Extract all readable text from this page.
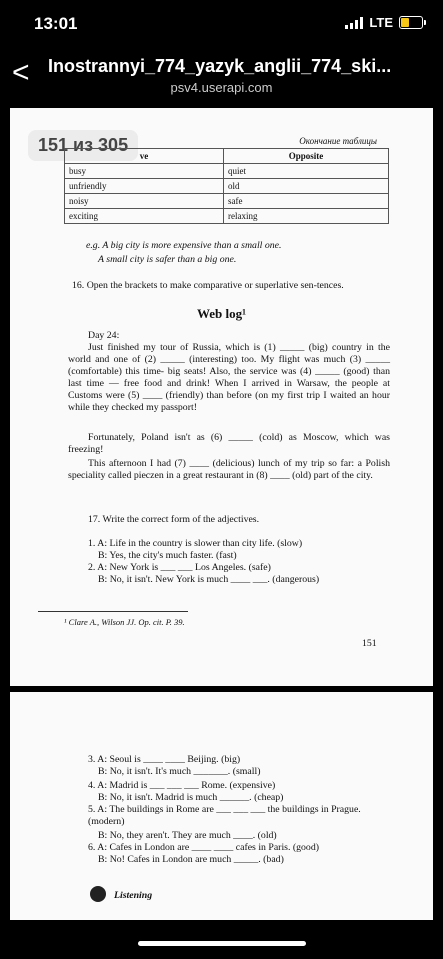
13:01	LTE
< Inostrannyi_774_yazyk_anglii_774_ski...
psv4.userapi.com
151 из 305	Окончание таблицы
ve	Opposite
busy	quiet
unfriendly	old
noisy	safe
exciting	relaxing
e.g. A big city is more expensive than a small one.
A small city is safer than a big one.
16. Open the brackets to make comparative or superlative sen-tences.
Web log¹
Day 24:
Just finished my tour of Russia, which is (1) _____ (big) country in the world and one of (2) _____ (interesting) too. My flight was much (3) _____ (comfortable) this time- big seats! Also, the service was (4) _____ (good) than last time — free food and drink! When I arrived in Warsaw, the people at Customs were (5) ____ (friendly) than before (on my first trip I waited an hour while they checked my passport!
Fortunately, Poland isn't as (6) _____ (cold) as Moscow, which was freezing!
This afternoon I had (7) ____ (delicious) lunch of my trip so far: a Polish speciality called pieczen in a great restaurant in (8) ____ (old) part of the city.
17. Write the correct form of the adjectives.
1. A: Life in the country is slower than city life. (slow)
B: Yes, the city's much faster. (fast)
2. A: New York is ___ ___ Los Angeles. (safe)
B: No, it isn't. New York is much ____ ___. (dangerous)
¹ Clare A., Wilson JJ. Op. cit. P. 39.
151
3. A: Seoul is ____ ____ Beijing. (big)
B: No, it isn't. It's much _______. (small)
4. A: Madrid is ___ ___ ___ Rome. (expensive)
B: No, it isn't. Madrid is much ______. (cheap)
5. A: The buildings in Rome are ___ ___ ___ the buildings in Prague. (modern)
B: No, they aren't. They are much ____. (old)
6. A: Cafes in London are ____ ____ cafes in Paris. (good)
B: No! Cafes in London are much _____. (bad)
Listening
